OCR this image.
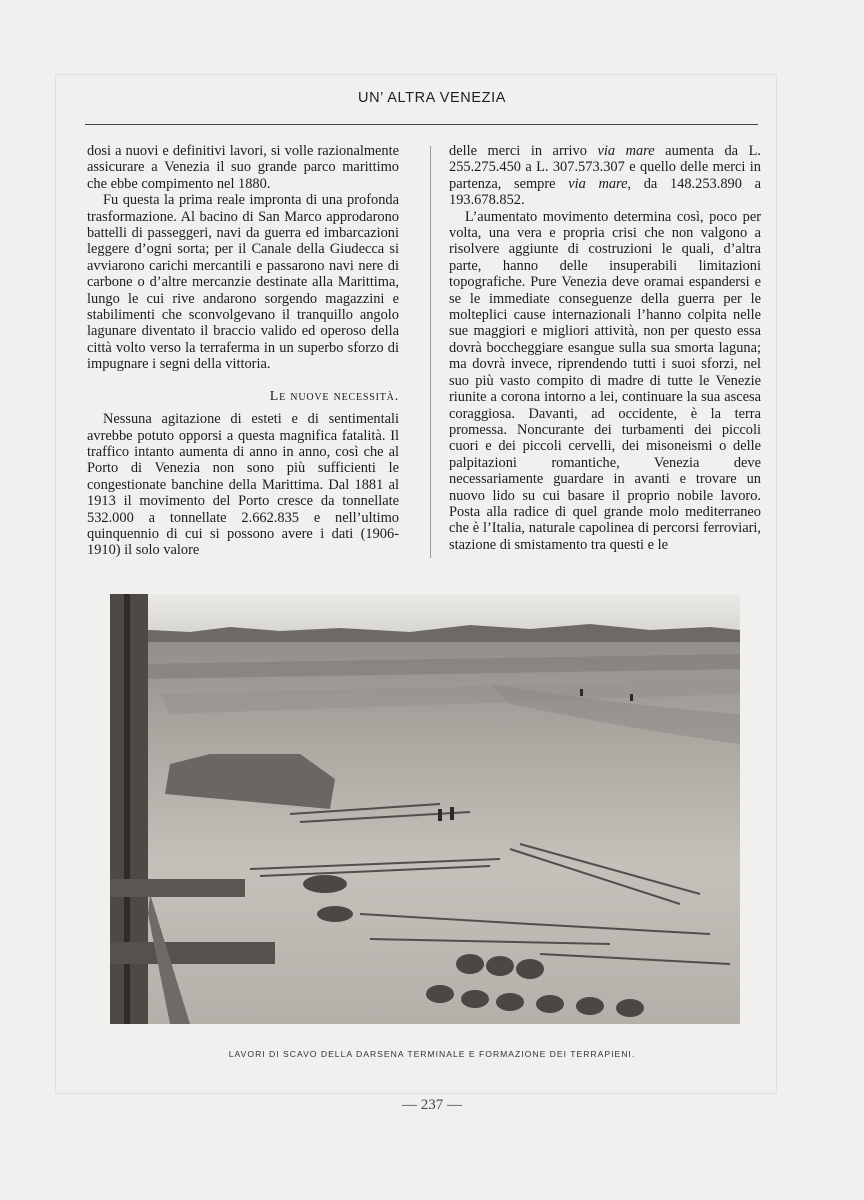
UN’ ALTRA VENEZIA

dosi a nuovi e definitivi lavori, si volle razionalmente assicurare a Venezia il suo grande parco marittimo che ebbe compimento nel 1880.

Fu questa la prima reale impronta di una profonda trasformazione. Al bacino di San Marco approdarono battelli di passeggeri, navi da guerra ed imbarcazioni leggere d’ogni sorta; per il Canale della Giudecca si avviarono carichi mercantili e passarono navi nere di carbone o d’altre mercanzie destinate alla Marittima, lungo le cui rive andarono sorgendo magazzini e stabilimenti che sconvolgevano il tranquillo angolo lagunare diventato il braccio valido ed operoso della città volto verso la terraferma in un superbo sforzo di impugnare i segni della vittoria.

Le nuove necessità.

Nessuna agitazione di esteti e di sentimentali avrebbe potuto opporsi a questa magnifica fatalità. Il traffico intanto aumenta di anno in anno, così che al Porto di Venezia non sono più sufficienti le congestionate banchine della Marittima. Dal 1881 al 1913 il movimento del Porto cresce da tonnellate 532.000 a tonnellate 2.662.835 e nell’ultimo quinquennio di cui si possono avere i dati (1906-1910) il solo valore

delle merci in arrivo via mare aumenta da L. 255.275.450 a L. 307.573.307 e quello delle merci in partenza, sempre via mare, da 148.253.890 a 193.678.852.

L’aumentato movimento determina così, poco per volta, una vera e propria crisi che non valgono a risolvere aggiunte di costruzioni le quali, d’altra parte, hanno delle insuperabili limitazioni topografiche. Pure Venezia deve oramai espandersi e se le immediate conseguenze della guerra per le molteplici cause internazionali l’hanno colpita nelle sue maggiori e migliori attività, non per questo essa dovrà boccheggiare esangue sulla sua smorta laguna; ma dovrà invece, riprendendo tutti i suoi sforzi, nel suo più vasto compito di madre di tutte le Venezie riunite a corona intorno a lei, continuare la sua ascesa coraggiosa. Davanti, ad occidente, è la terra promessa. Noncurante dei turbamenti dei piccoli cuori e dei piccoli cervelli, dei misoneismi o delle palpitazioni romantiche, Venezia deve necessariamente guardare in avanti e trovare un nuovo lido su cui basare il proprio nobile lavoro. Posta alla radice di quel grande molo mediterraneo che è l’Italia, naturale capolinea di percorsi ferroviari, stazione di smistamento tra questi e le

LAVORI DI SCAVO DELLA DARSENA TERMINALE E FORMAZIONE DEI TERRAPIENI.
— 237 —
